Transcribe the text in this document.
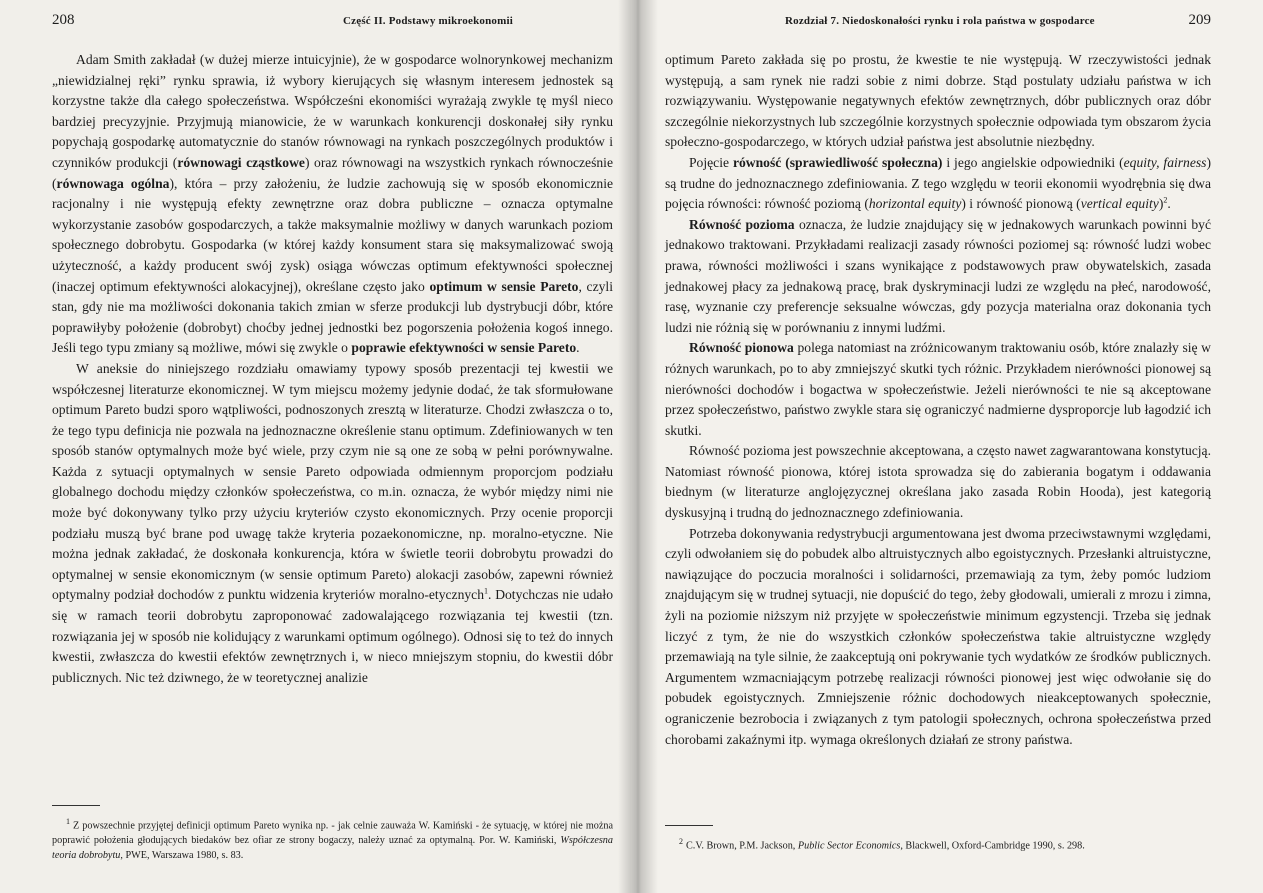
208	Część II. Podstawy mikroekonomii

Adam Smith zakładał (w dużej mierze intuicyjnie), że w gospodarce wolnorynkowej mechanizm „niewidzialnej ręki” rynku sprawia, iż wybory kierujących się własnym interesem jednostek są korzystne także dla całego społeczeństwa. Współcześni ekonomiści wyrażają zwykle tę myśl nieco bardziej precyzyjnie. Przyjmują mianowicie, że w warunkach konkurencji doskonałej siły rynku popychają gospodarkę automatycznie do stanów równowagi na rynkach poszczególnych produktów i czynników produkcji (równowagi cząstkowe) oraz równowagi na wszystkich rynkach równocześnie (równowaga ogólna), która – przy założeniu, że ludzie zachowują się w sposób ekonomicznie racjonalny i nie występują efekty zewnętrzne oraz dobra publiczne – oznacza optymalne wykorzystanie zasobów gospodarczych, a także maksymalnie możliwy w danych warunkach poziom społecznego dobrobytu. Gospodarka (w której każdy konsument stara się maksymalizować swoją użyteczność, a każdy producent swój zysk) osiąga wówczas optimum efektywności społecznej (inaczej optimum efektywności alokacyjnej), określane często jako optimum w sensie Pareto, czyli stan, gdy nie ma możliwości dokonania takich zmian w sferze produkcji lub dystrybucji dóbr, które poprawiłyby położenie (dobrobyt) choćby jednej jednostki bez pogorszenia położenia kogoś innego. Jeśli tego typu zmiany są możliwe, mówi się zwykle o poprawie efektywności w sensie Pareto.

W aneksie do niniejszego rozdziału omawiamy typowy sposób prezentacji tej kwestii we współczesnej literaturze ekonomicznej. W tym miejscu możemy jedynie dodać, że tak sformułowane optimum Pareto budzi sporo wątpliwości, podnoszonych zresztą w literaturze. Chodzi zwłaszcza o to, że tego typu definicja nie pozwala na jednoznaczne określenie stanu optimum. Zdefiniowanych w ten sposób stanów optymalnych może być wiele, przy czym nie są one ze sobą w pełni porównywalne. Każda z sytuacji optymalnych w sensie Pareto odpowiada odmiennym proporcjom podziału globalnego dochodu między członków społeczeństwa, co m.in. oznacza, że wybór między nimi nie może być dokonywany tylko przy użyciu kryteriów czysto ekonomicznych. Przy ocenie proporcji podziału muszą być brane pod uwagę także kryteria pozaekonomiczne, np. moralno-etyczne. Nie można jednak zakładać, że doskonała konkurencja, która w świetle teorii dobrobytu prowadzi do optymalnej w sensie ekonomicznym (w sensie optimum Pareto) alokacji zasobów, zapewni również optymalny podział dochodów z punktu widzenia kryteriów moralno-etycznych$^1$. Dotychczas nie udało się w ramach teorii dobrobytu zaproponować zadowalającego rozwiązania tej kwestii (tzn. rozwiązania jej w sposób nie kolidujący z warunkami optimum ogólnego). Odnosi się to też do innych kwestii, zwłaszcza do kwestii efektów zewnętrznych i, w nieco mniejszym stopniu, do kwestii dóbr publicznych. Nic też dziwnego, że w teoretycznej analizie

$^1$ Z powszechnie przyjętej definicji optimum Pareto wynika np. - jak celnie zauważa W. Kamiński - że sytuację, w której nie można poprawić położenia głodujących biedaków bez ofiar ze strony bogaczy, należy uznać za optymalną. Por. W. Kamiński, Współczesna teoria dobrobytu, PWE, Warszawa 1980, s. 83.
Rozdział 7. Niedoskonałości rynku i rola państwa w gospodarce	209

optimum Pareto zakłada się po prostu, że kwestie te nie występują. W rzeczywistości jednak występują, a sam rynek nie radzi sobie z nimi dobrze. Stąd postulaty udziału państwa w ich rozwiązywaniu. Występowanie negatywnych efektów zewnętrznych, dóbr publicznych oraz dóbr szczególnie niekorzystnych lub szczególnie korzystnych społecznie odpowiada tym obszarom życia społeczno-gospodarczego, w których udział państwa jest absolutnie niezbędny.

Pojęcie równość (sprawiedliwość społeczna) i jego angielskie odpowiedniki (equity, fairness) są trudne do jednoznacznego zdefiniowania. Z tego względu w teorii ekonomii wyodrębnia się dwa pojęcia równości: równość poziomą (horizontal equity) i równość pionową (vertical equity)$^2$.

Równość pozioma oznacza, że ludzie znajdujący się w jednakowych warunkach powinni być jednakowo traktowani. Przykładami realizacji zasady równości poziomej są: równość ludzi wobec prawa, równości możliwości i szans wynikające z podstawowych praw obywatelskich, zasada jednakowej płacy za jednakową pracę, brak dyskryminacji ludzi ze względu na płeć, narodowość, rasę, wyznanie czy preferencje seksualne wówczas, gdy pozycja materialna oraz dokonania tych ludzi nie różnią się w porównaniu z innymi ludźmi.

Równość pionowa polega natomiast na zróżnicowanym traktowaniu osób, które znalazły się w różnych warunkach, po to aby zmniejszyć skutki tych różnic. Przykładem nierówności pionowej są nierówności dochodów i bogactwa w społeczeństwie. Jeżeli nierówności te nie są akceptowane przez społeczeństwo, państwo zwykle stara się ograniczyć nadmierne dysproporcje lub łagodzić ich skutki.

Równość pozioma jest powszechnie akceptowana, a często nawet zagwarantowana konstytucją. Natomiast równość pionowa, której istota sprowadza się do zabierania bogatym i oddawania biednym (w literaturze anglojęzycznej określana jako zasada Robin Hooda), jest kategorią dyskusyjną i trudną do jednoznacznego zdefiniowania.

Potrzeba dokonywania redystrybucji argumentowana jest dwoma przeciwstawnymi względami, czyli odwołaniem się do pobudek albo altruistycznych albo egoistycznych. Przesłanki altruistyczne, nawiązujące do poczucia moralności i solidarności, przemawiają za tym, żeby pomóc ludziom znajdującym się w trudnej sytuacji, nie dopuścić do tego, żeby głodowali, umierali z mrozu i zimna, żyli na poziomie niższym niż przyjęte w społeczeństwie minimum egzystencji. Trzeba się jednak liczyć z tym, że nie do wszystkich członków społeczeństwa takie altruistyczne względy przemawiają na tyle silnie, że zaakceptują oni pokrywanie tych wydatków ze środków publicznych. Argumentem wzmacniającym potrzebę realizacji równości pionowej jest więc odwołanie się do pobudek egoistycznych. Zmniejszenie różnic dochodowych nieakceptowanych społecznie, ograniczenie bezrobocia i związanych z tym patologii społecznych, ochrona społeczeństwa przed chorobami zakaźnymi itp. wymaga określonych działań ze strony państwa.

$^2$ C.V. Brown, P.M. Jackson, Public Sector Economics, Blackwell, Oxford-Cambridge 1990, s. 298.
